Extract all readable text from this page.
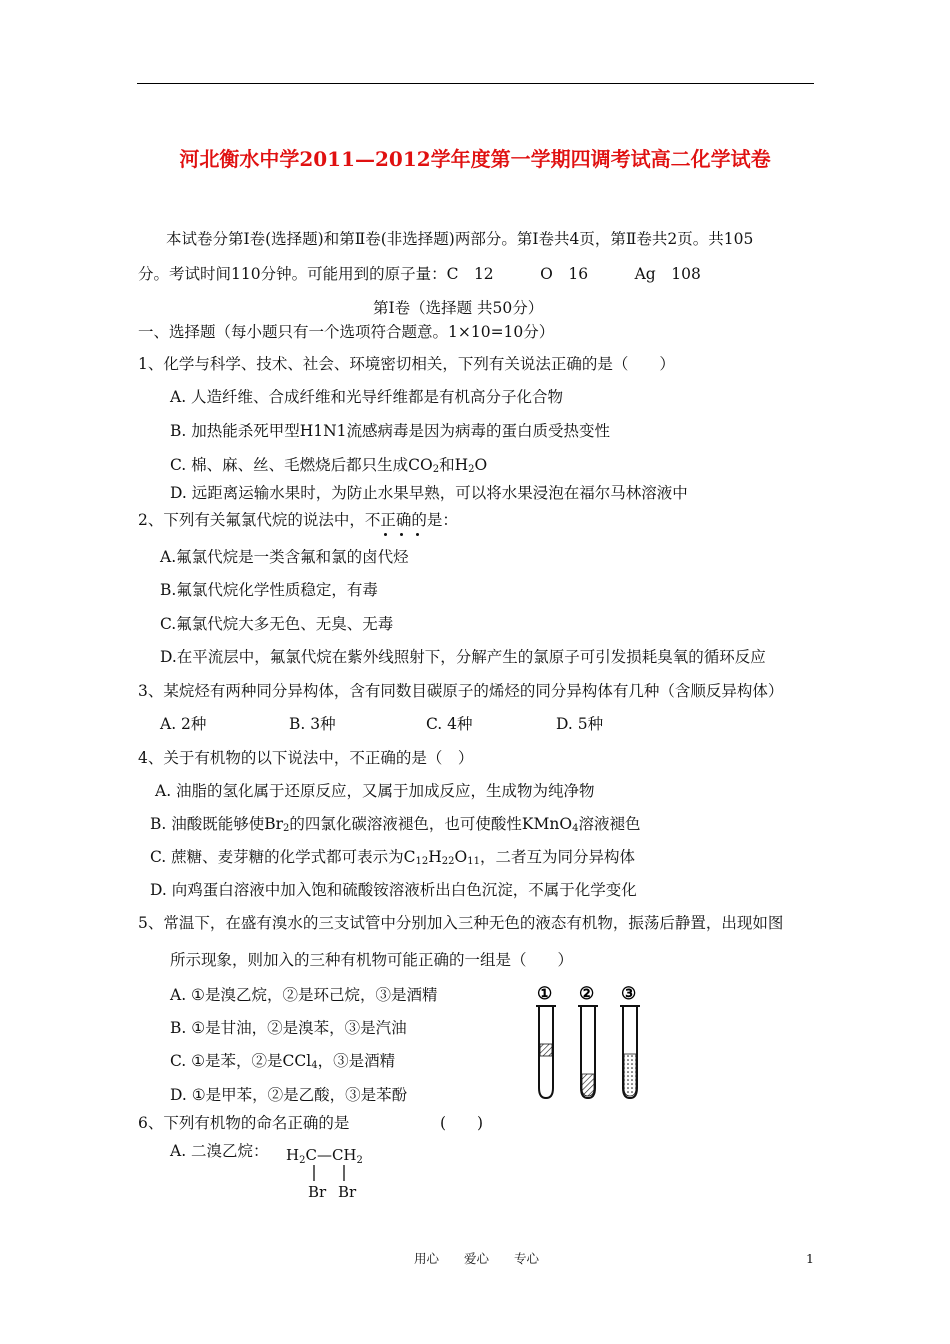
河北衡水中学2011—2012学年度第一学期四调考试高二化学试卷
本试卷分第Ⅰ卷(选择题)和第Ⅱ卷(非选择题)两部分。第Ⅰ卷共4页，第Ⅱ卷共2页。共105
分。考试时间110分钟。可能用到的原子量：C　12　　　O　16　　　Ag　108
第Ⅰ卷（选择题 共50分）
一、选择题（每小题只有一个选项符合题意。1×10=10分）
1、化学与科学、技术、社会、环境密切相关，下列有关说法正确的是（　　）
A. 人造纤维、合成纤维和光导纤维都是有机高分子化合物
B. 加热能杀死甲型H1N1流感病毒是因为病毒的蛋白质受热变性
C. 棉、麻、丝、毛燃烧后都只生成$CO_2$和$H_2O$
D. 远距离运输水果时，为防止水果早熟，可以将水果浸泡在福尔马林溶液中
2、下列有关氟氯代烷的说法中，不正确的是：
A.氟氯代烷是一类含氟和氯的卤代烃
B.氟氯代烷化学性质稳定，有毒
C.氟氯代烷大多无色、无臭、无毒
D.在平流层中，氟氯代烷在紫外线照射下，分解产生的氯原子可引发损耗臭氧的循环反应
3、某烷烃有两种同分异构体，含有同数目碳原子的烯烃的同分异构体有几种（含顺反异构体）
A. 2种	B. 3种	C. 4种	D. 5种
4、关于有机物的以下说法中，不正确的是（　）
A. 油脂的氢化属于还原反应，又属于加成反应，生成物为纯净物
B. 油酸既能够使$Br_2$的四氯化碳溶液褪色，也可使酸性KMnO$_4$溶液褪色
C. 蔗糖、麦芽糖的化学式都可表示为$C_{12}H_{22}O_{11}$，二者互为同分异构体
D. 向鸡蛋白溶液中加入饱和硫酸铵溶液析出白色沉淀，不属于化学变化
5、常温下，在盛有溴水的三支试管中分别加入三种无色的液态有机物，振荡后静置，出现如图
所示现象，则加入的三种有机物可能正确的一组是（　　）
A. ①是溴乙烷，②是环己烷，③是酒精
B. ①是甘油，②是溴苯，③是汽油
C. ①是苯，②是CCl$_4$，③是酒精
D. ①是甲苯，②是乙酸，③是苯酚
① ② ③
6、下列有机物的命名正确的是	(　　)
A. 二溴乙烷： $H_2C—CH_2$
Br Br
用心　　爱心　　专心	1
